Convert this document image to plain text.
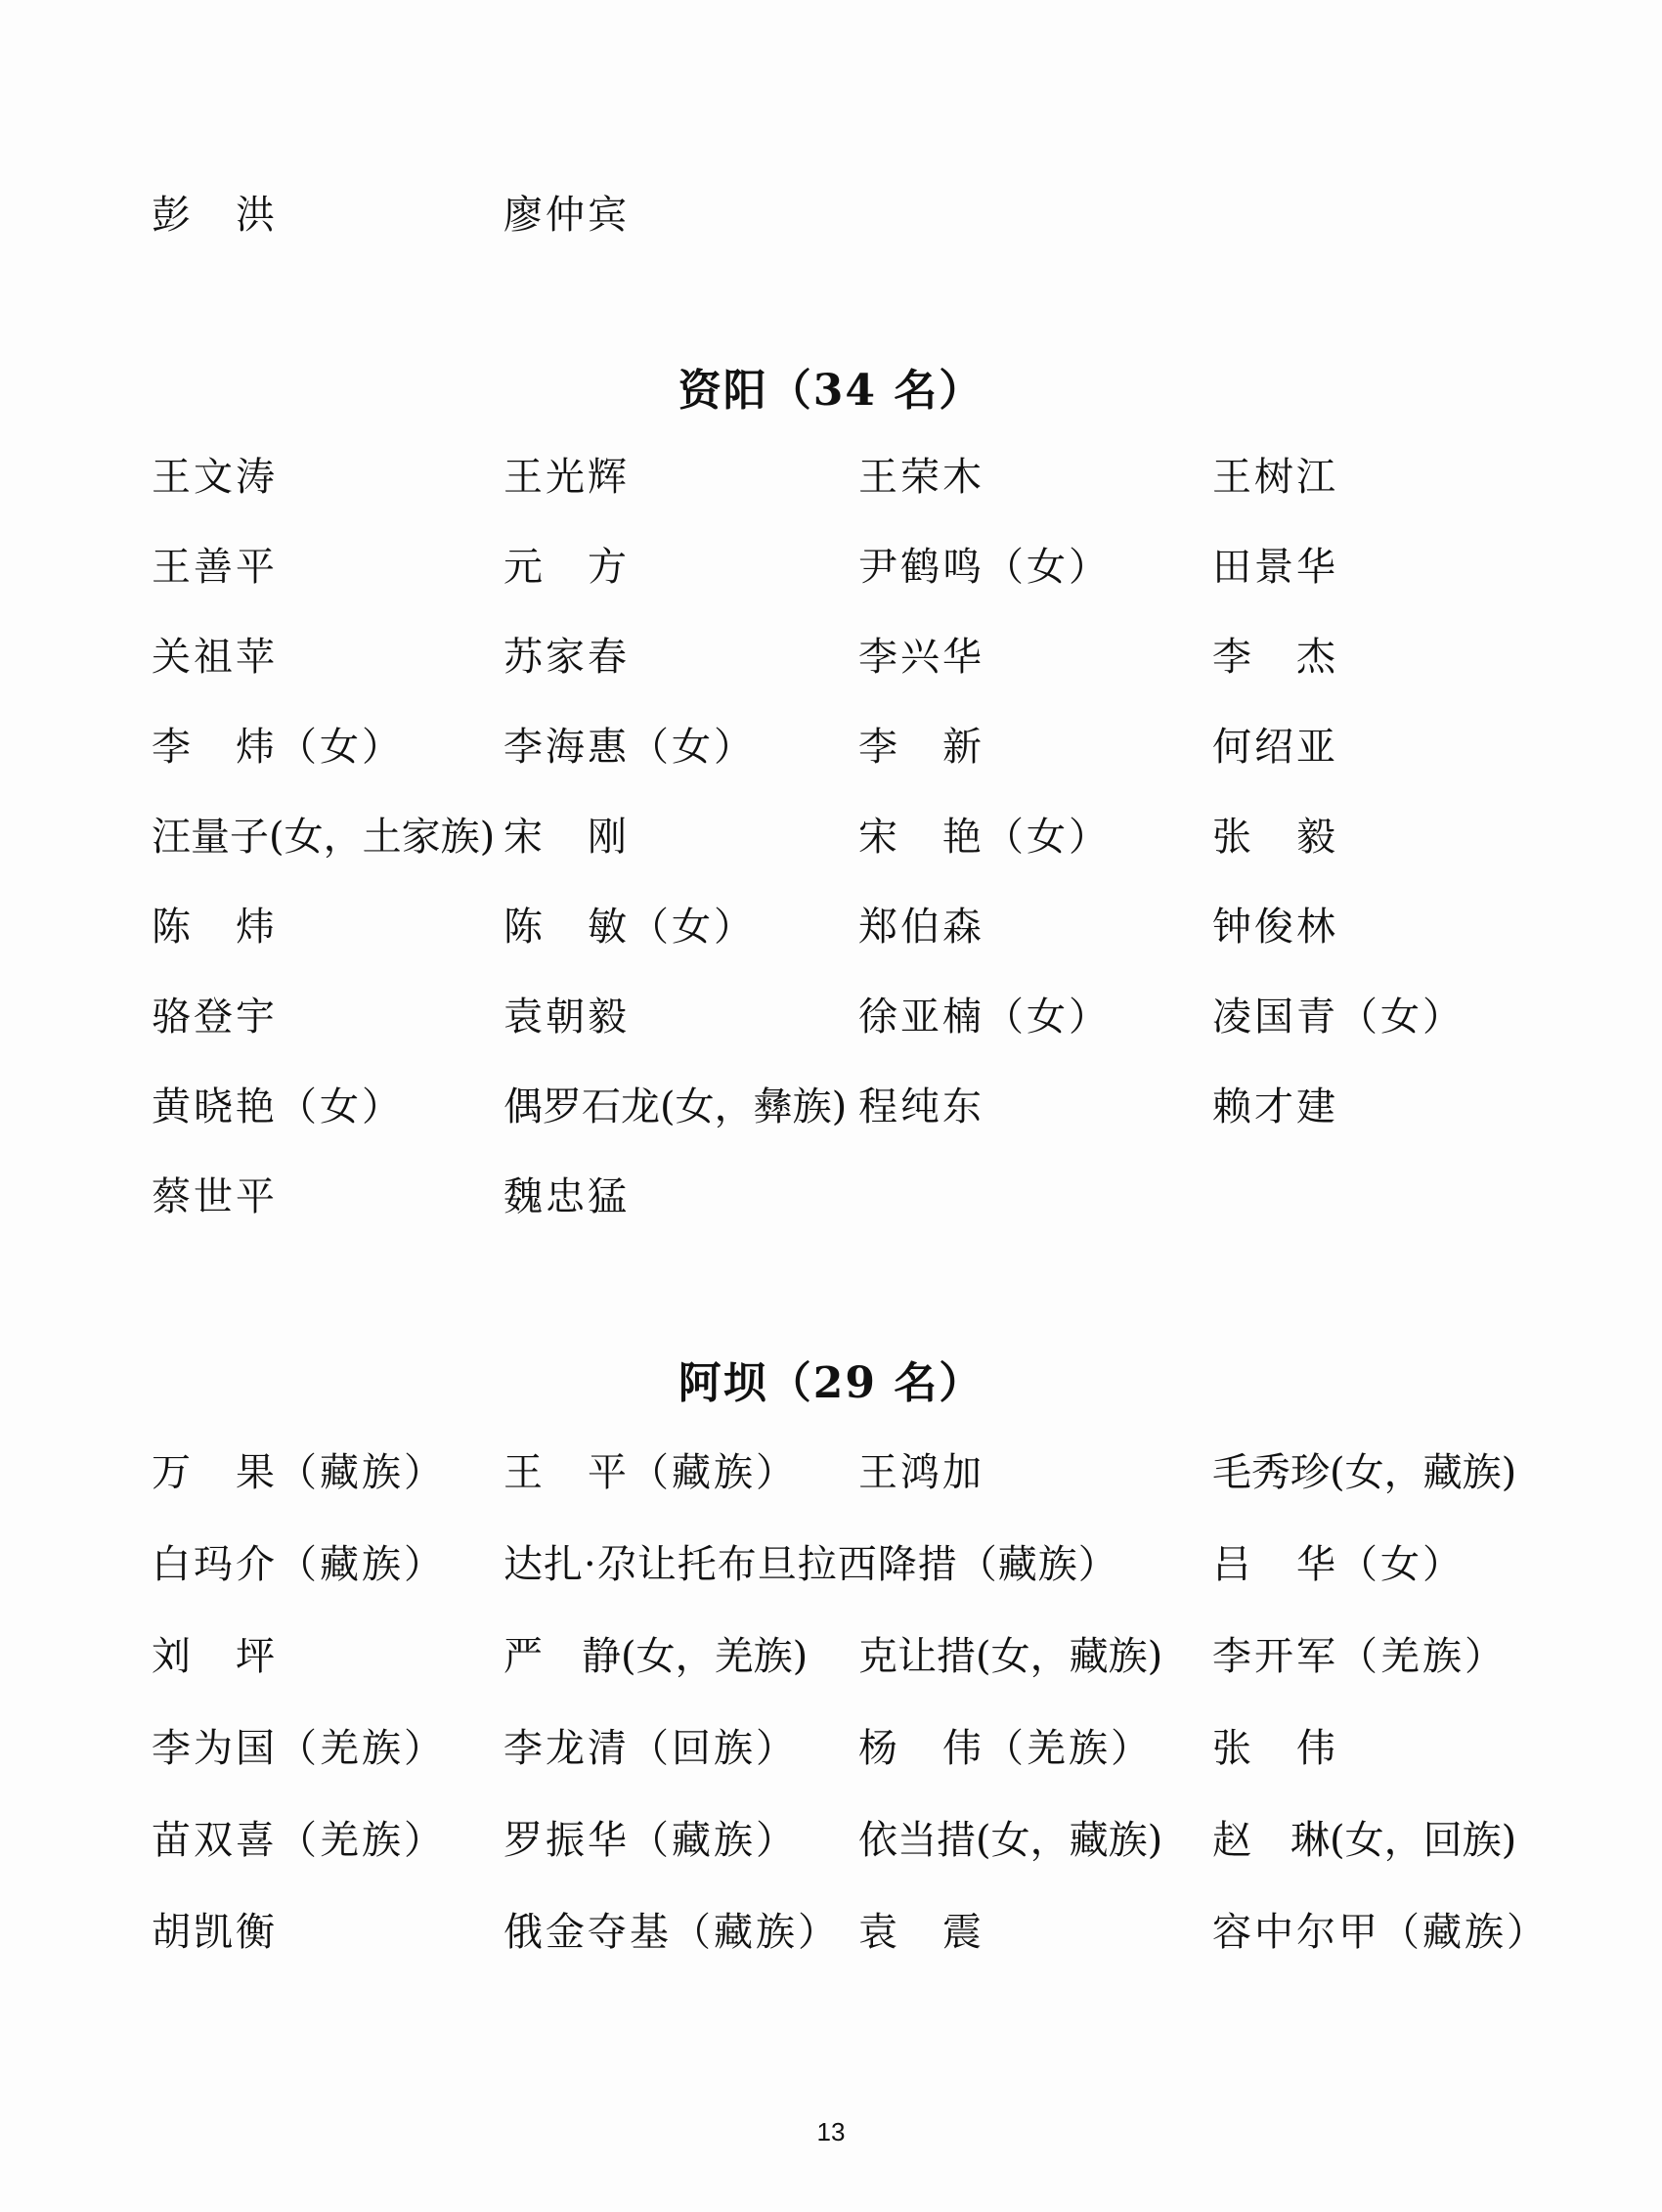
彭　洪	廖仲宾
资阳（34 名）
王文涛	王光辉	王荣木	王树江
王善平	元　方	尹鹤鸣（女）	田景华
关祖苹	苏家春	李兴华	李　杰
李　炜（女）	李海惠（女）	李　新	何绍亚
汪量子(女，土家族) 宋　刚	宋　艳（女）	张　毅
陈　炜	陈　敏（女）	郑伯森	钟俊林
骆登宇	袁朝毅	徐亚楠（女）	凌国青（女）
黄晓艳（女）	偶罗石龙(女，彝族) 程纯东	赖才建
蔡世平	魏忠猛
阿坝（29 名）
万　果（藏族） 王　平（藏族） 王鸿加	毛秀珍(女，藏族)
白玛介（藏族） 达扎·尕让托布旦拉西降措（藏族） 吕　华（女）
刘　坪	严　静(女，羌族) 克让措(女，藏族) 李开军（羌族）
李为国（羌族） 李龙清（回族） 杨　伟（羌族） 张　伟
苗双喜（羌族） 罗振华（藏族） 依当措(女，藏族) 赵　琳(女，回族)
胡凯衡	俄金夺基（藏族） 袁　震	容中尔甲（藏族）
13
